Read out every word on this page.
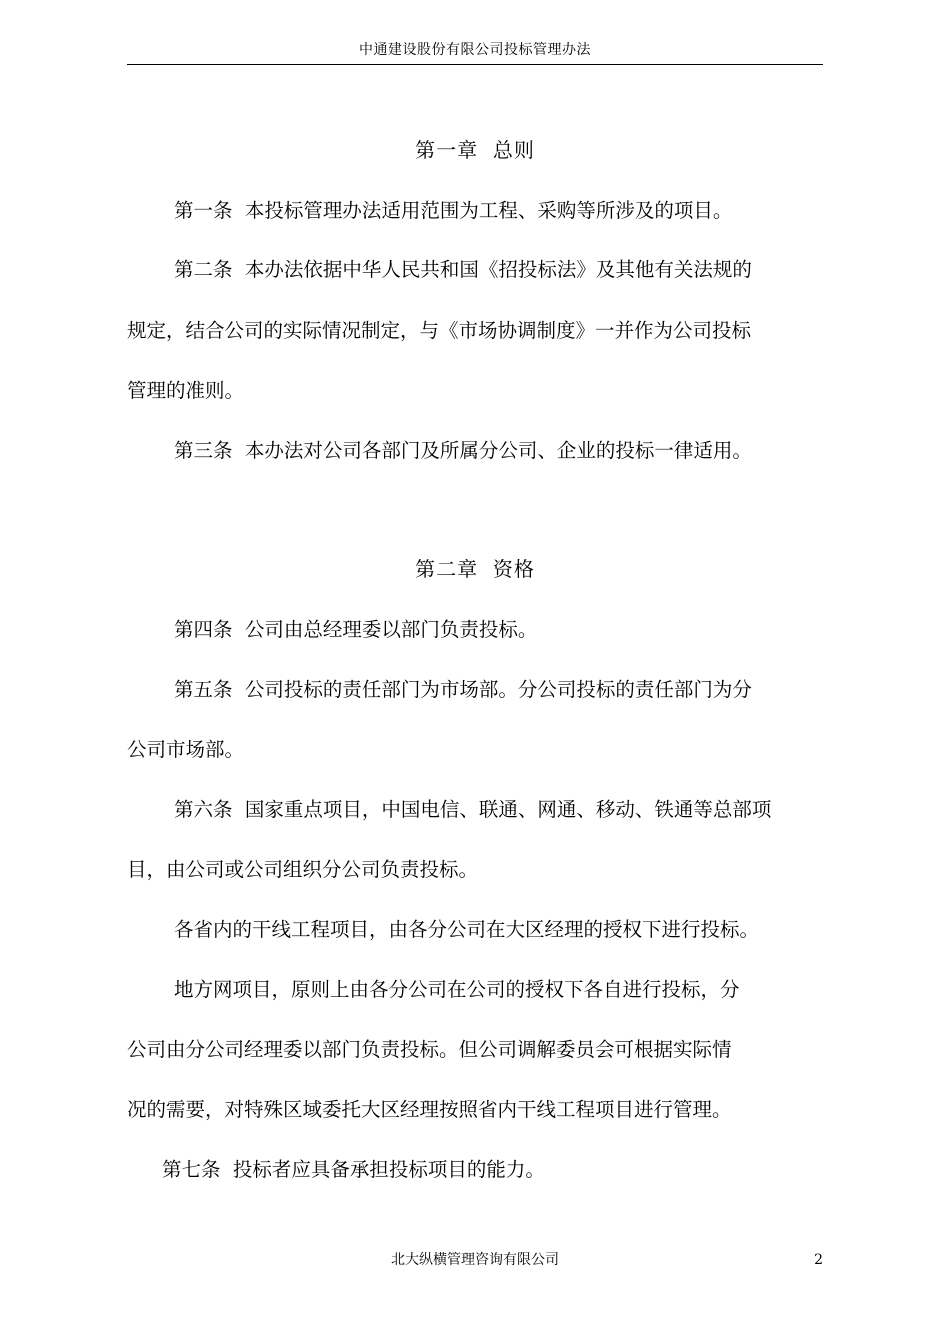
中通建设股份有限公司投标管理办法
第一章  总则
第一条  本投标管理办法适用范围为工程、采购等所涉及的项目。
第二条  本办法依据中华人民共和国《招投标法》及其他有关法规的
规定，结合公司的实际情况制定，与《市场协调制度》一并作为公司投标
管理的准则。
第三条  本办法对公司各部门及所属分公司、企业的投标一律适用。
第二章  资格
第四条  公司由总经理委以部门负责投标。
第五条  公司投标的责任部门为市场部。分公司投标的责任部门为分
公司市场部。
第六条  国家重点项目，中国电信、联通、网通、移动、铁通等总部项
目，由公司或公司组织分公司负责投标。
各省内的干线工程项目，由各分公司在大区经理的授权下进行投标。
地方网项目，原则上由各分公司在公司的授权下各自进行投标，分
公司由分公司经理委以部门负责投标。但公司调解委员会可根据实际情
况的需要，对特殊区域委托大区经理按照省内干线工程项目进行管理。
第七条  投标者应具备承担投标项目的能力。
北大纵横管理咨询有限公司	2
